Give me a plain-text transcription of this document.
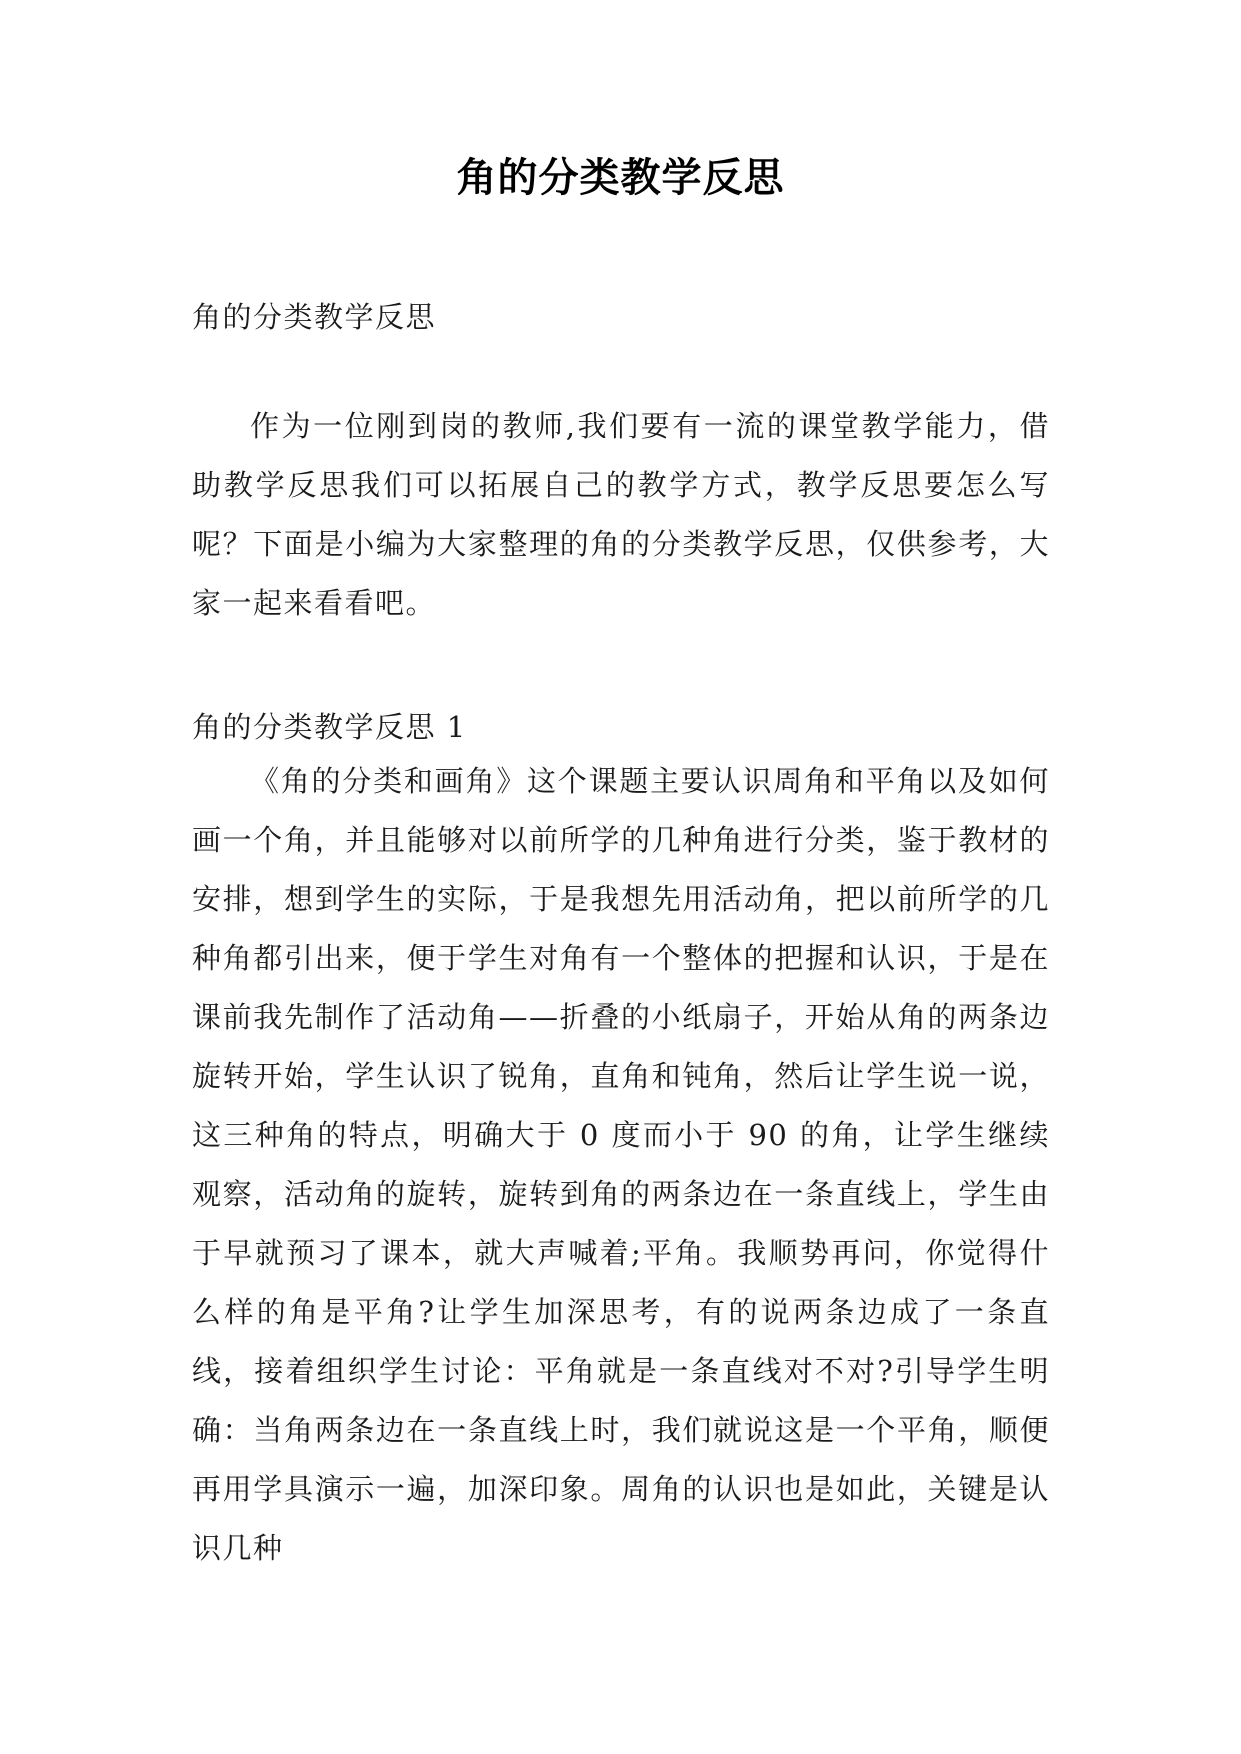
角的分类教学反思

角的分类教学反思

作为一位刚到岗的教师,我们要有一流的课堂教学能力，借助教学反思我们可以拓展自己的教学方式，教学反思要怎么写呢？下面是小编为大家整理的角的分类教学反思，仅供参考，大家一起来看看吧。

角的分类教学反思 1

《角的分类和画角》这个课题主要认识周角和平角以及如何画一个角，并且能够对以前所学的几种角进行分类，鉴于教材的安排，想到学生的实际，于是我想先用活动角，把以前所学的几种角都引出来，便于学生对角有一个整体的把握和认识，于是在课前我先制作了活动角——折叠的小纸扇子，开始从角的两条边旋转开始，学生认识了锐角，直角和钝角，然后让学生说一说，这三种角的特点，明确大于 0 度而小于 90 的角，让学生继续观察，活动角的旋转，旋转到角的两条边在一条直线上，学生由于早就预习了课本，就大声喊着;平角。我顺势再问，你觉得什么样的角是平角?让学生加深思考，有的说两条边成了一条直线，接着组织学生讨论：平角就是一条直线对不对?引导学生明确：当角两条边在一条直线上时，我们就说这是一个平角，顺便再用学具演示一遍，加深印象。周角的认识也是如此，关键是认识几种
